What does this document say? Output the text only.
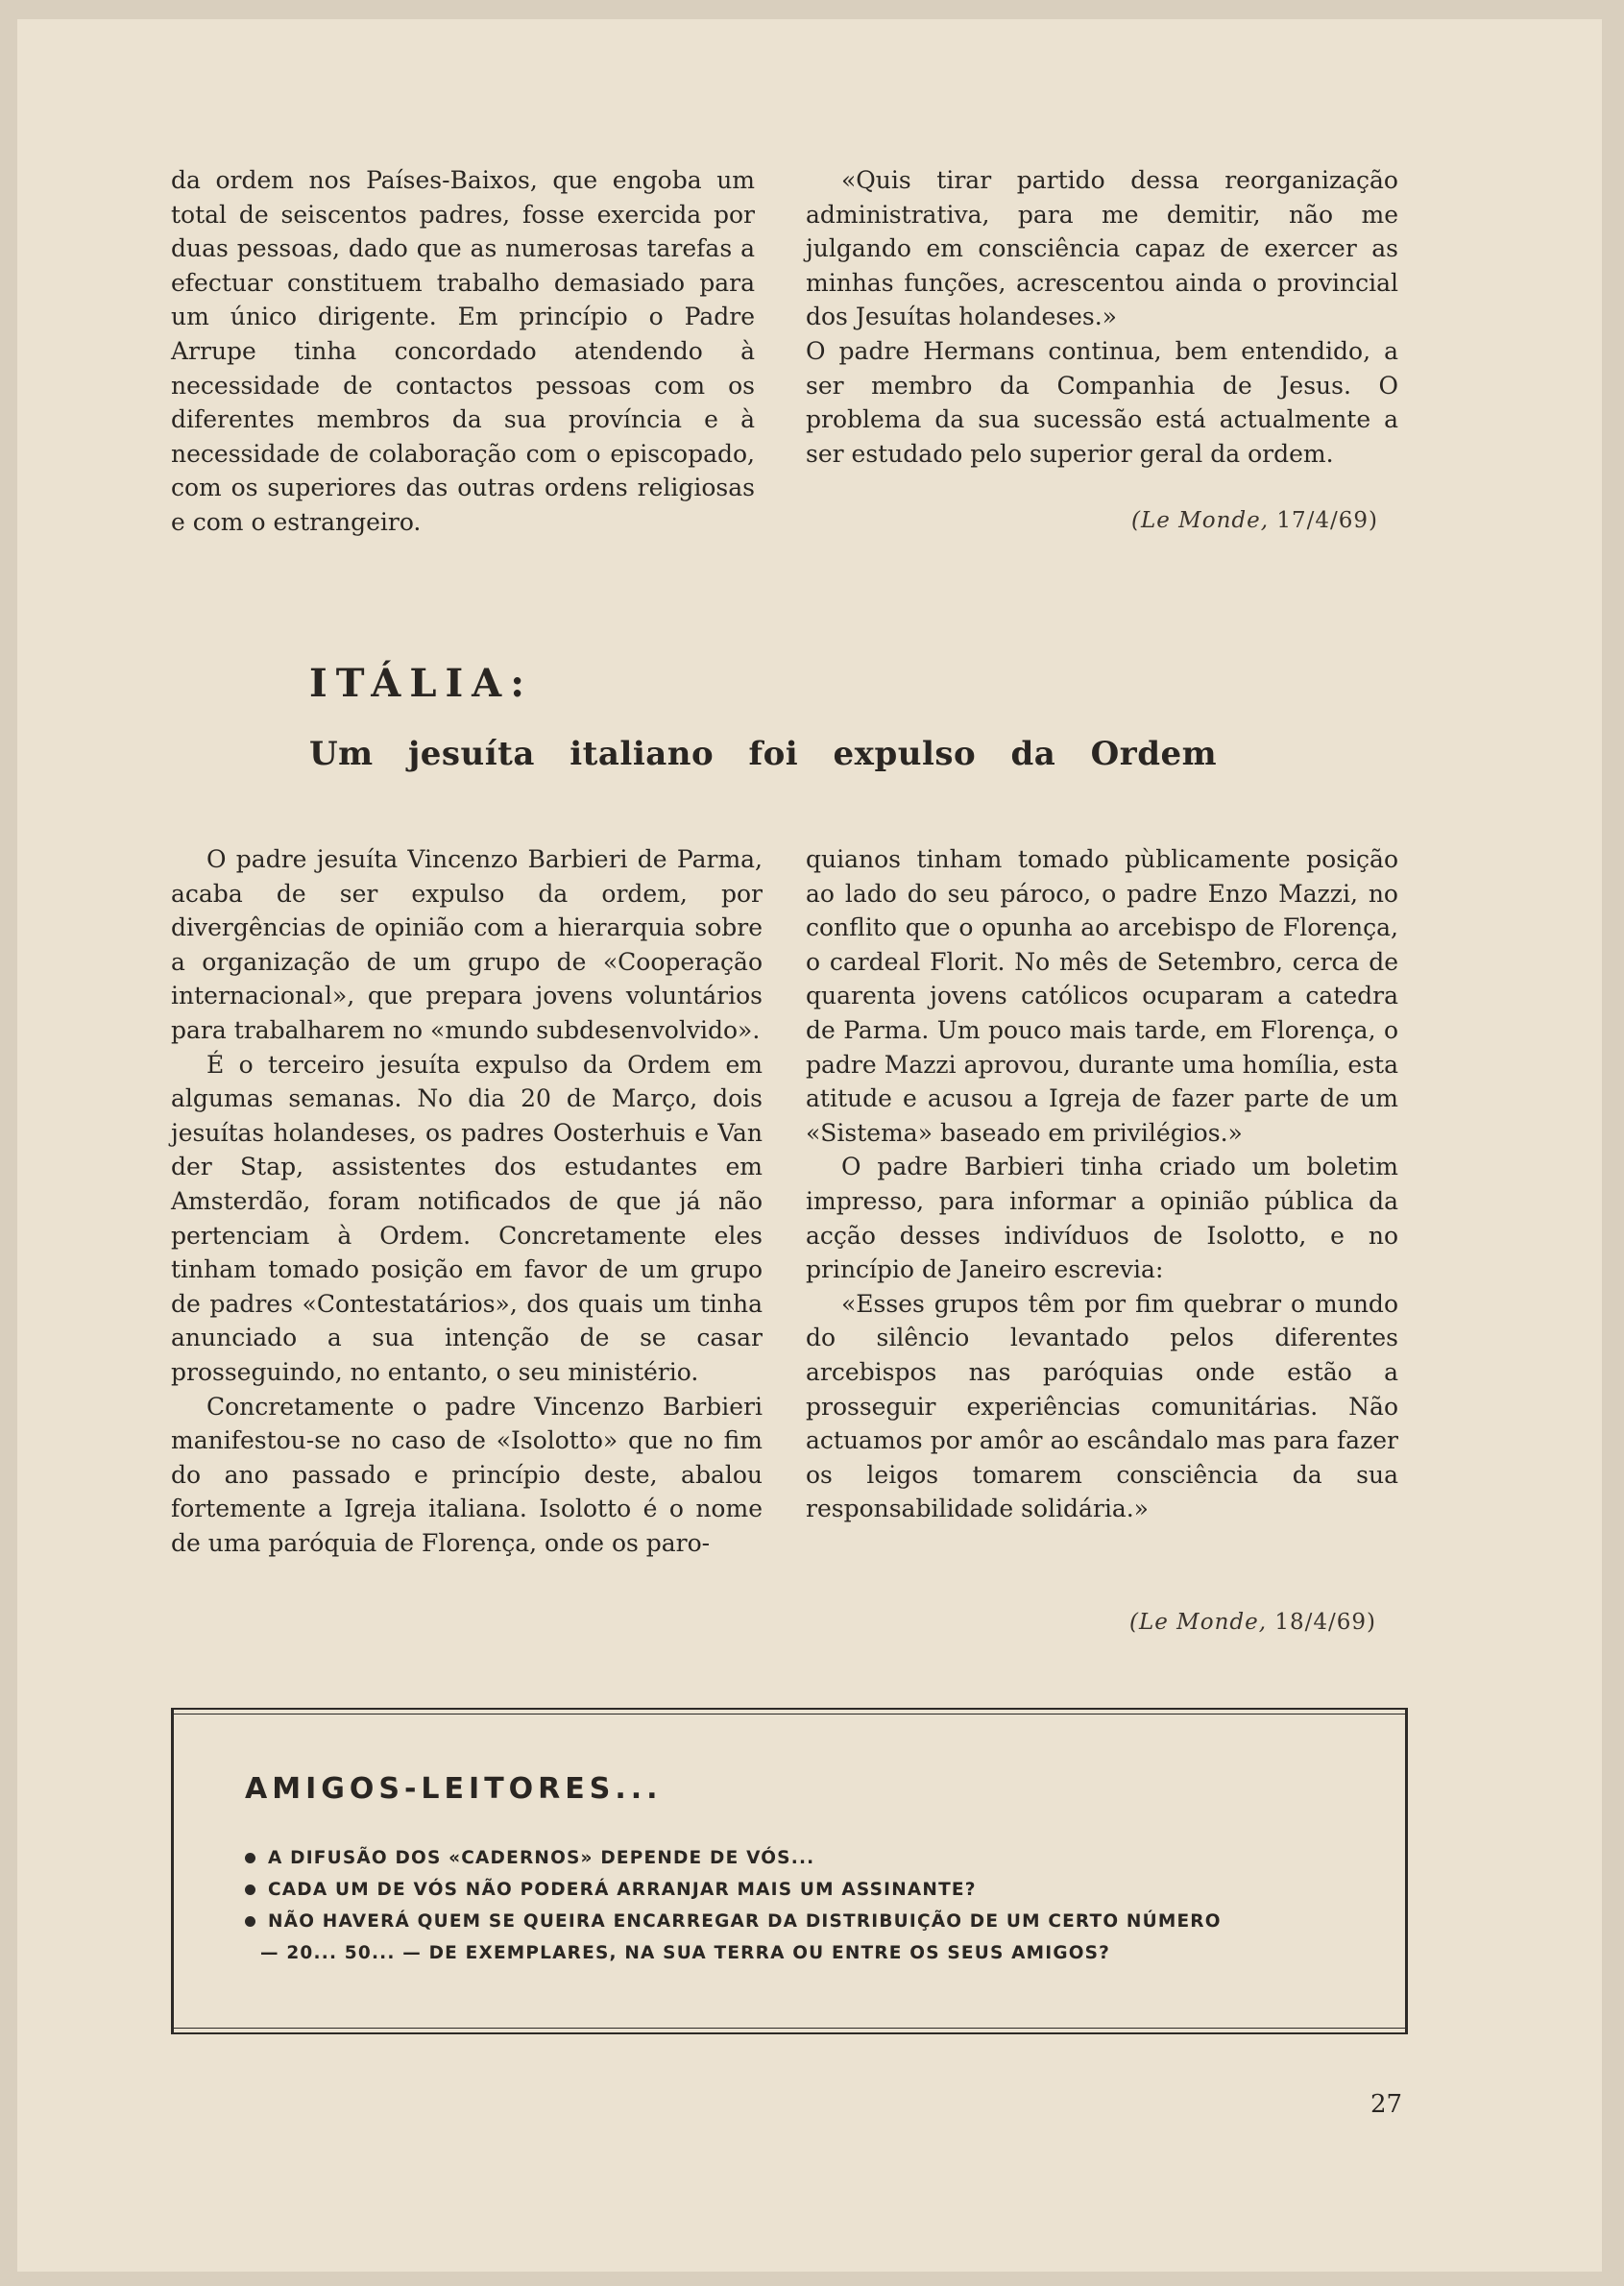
da ordem nos Países-Baixos, que engoba um total de seiscentos padres, fosse exercida por duas pessoas, dado que as numerosas tarefas a efectuar constituem trabalho demasiado para um único dirigente. Em princípio o Padre Arrupe tinha concordado atendendo à necessidade de contactos pessoas com os diferentes membros da sua província e à necessidade de colaboração com o episcopado, com os superiores das outras ordens religiosas e com o estrangeiro.

«Quis tirar partido dessa reorganização administrativa, para me demitir, não me julgando em consciência capaz de exercer as minhas funções, acrescentou ainda o provincial dos Jesuítas holandeses.»

O padre Hermans continua, bem entendido, a ser membro da Companhia de Jesus. O problema da sua sucessão está actualmente a ser estudado pelo superior geral da ordem.

(Le Monde, 17/4/69)
ITÁLIA:
Um jesuíta italiano foi expulso da Ordem

O padre jesuíta Vincenzo Barbieri de Parma, acaba de ser expulso da ordem, por divergências de opinião com a hierarquia sobre a organização de um grupo de «Cooperação internacional», que prepara jovens voluntários para trabalharem no «mundo subdesenvolvido».

É o terceiro jesuíta expulso da Ordem em algumas semanas. No dia 20 de Março, dois jesuítas holandeses, os padres Oosterhuis e Van der Stap, assistentes dos estudantes em Amsterdão, foram notificados de que já não pertenciam à Ordem. Concretamente eles tinham tomado posição em favor de um grupo de padres «Contestatários», dos quais um tinha anunciado a sua intenção de se casar prosseguindo, no entanto, o seu ministério.

Concretamente o padre Vincenzo Barbieri manifestou-se no caso de «Isolotto» que no fim do ano passado e princípio deste, abalou fortemente a Igreja italiana. Isolotto é o nome de uma paróquia de Florença, onde os paro-

quianos tinham tomado pùblicamente posição ao lado do seu pároco, o padre Enzo Mazzi, no conflito que o opunha ao arcebispo de Florença, o cardeal Florit. No mês de Setembro, cerca de quarenta jovens católicos ocuparam a catedra de Parma. Um pouco mais tarde, em Florença, o padre Mazzi aprovou, durante uma homília, esta atitude e acusou a Igreja de fazer parte de um «Sistema» baseado em privilégios.»

O padre Barbieri tinha criado um boletim impresso, para informar a opinião pública da acção desses indivíduos de Isolotto, e no princípio de Janeiro escrevia:

«Esses grupos têm por fim quebrar o mundo do silêncio levantado pelos diferentes arcebispos nas paróquias onde estão a prosseguir experiências comunitárias. Não actuamos por amôr ao escândalo mas para fazer os leigos tomarem consciência da sua responsabilidade solidária.»

(Le Monde, 18/4/69)
AMIGOS-LEITORES...
A DIFUSÃO DOS «CADERNOS» DEPENDE DE VÓS...
CADA UM DE VÓS NÃO PODERÁ ARRANJAR MAIS UM ASSINANTE?
NÃO HAVERÁ QUEM SE QUEIRA ENCARREGAR DA DISTRIBUIÇÃO DE UM CERTO NÚMERO
— 20... 50... — DE EXEMPLARES, NA SUA TERRA OU ENTRE OS SEUS AMIGOS?
27
